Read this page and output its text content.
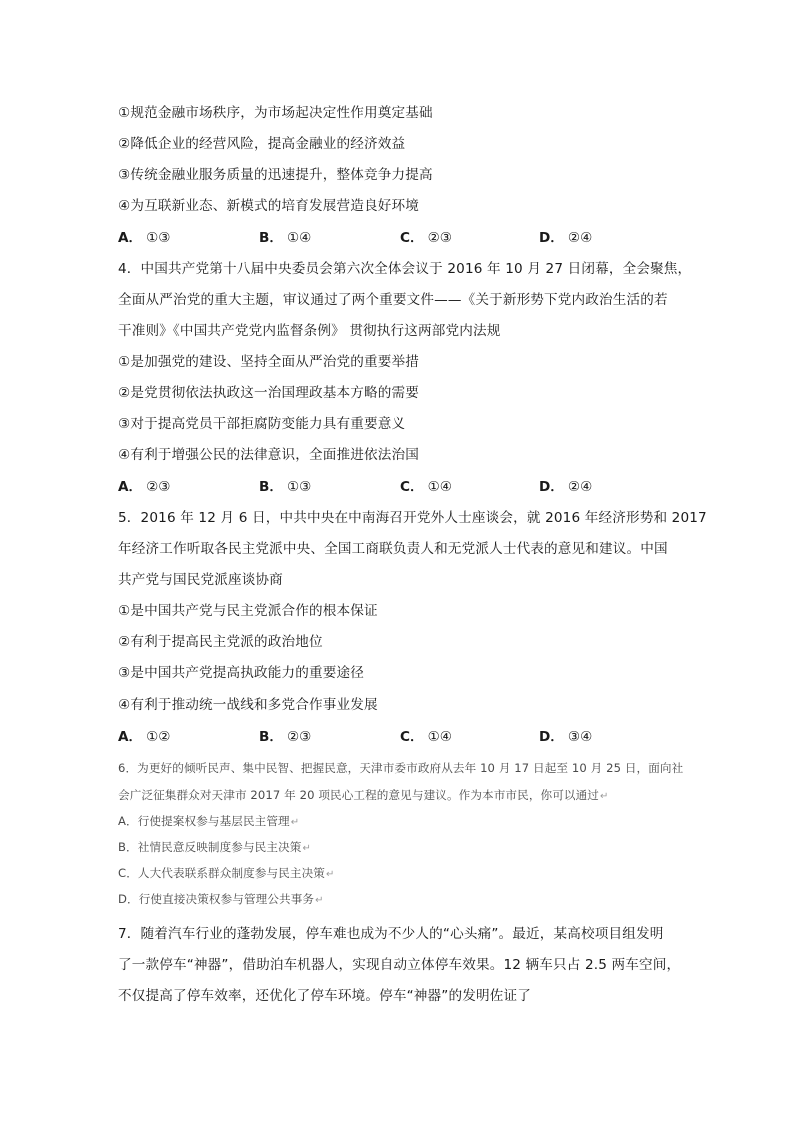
①规范金融市场秩序，为市场起决定性作用奠定基础
②降低企业的经营风险，提高金融业的经济效益
③传统金融业服务质量的迅速提升，整体竞争力提高
④为互联新业态、新模式的培育发展营造良好环境
A． ①③	B． ①④	C． ②③	D． ②④
4．中国共产党第十八届中央委员会第六次全体会议于 2016 年 10 月 27 日闭幕，全会聚焦，
全面从严治党的重大主题，审议通过了两个重要文件——《关于新形势下党内政治生活的若
干准则》《中国共产党党内监督条例》 贯彻执行这两部党内法规
①是加强党的建设、坚持全面从严治党的重要举措
②是党贯彻依法执政这一治国理政基本方略的需要
③对于提高党员干部拒腐防变能力具有重要意义
④有利于增强公民的法律意识，全面推进依法治国
A． ②③	B． ①③	C． ①④	D． ②④
5．2016 年 12 月 6 日，中共中央在中南海召开党外人士座谈会，就 2016 年经济形势和 2017
年经济工作听取各民主党派中央、全国工商联负责人和无党派人士代表的意见和建议。中国
共产党与国民党派座谈协商
①是中国共产党与民主党派合作的根本保证
②有利于提高民主党派的政治地位
③是中国共产党提高执政能力的重要途径
④有利于推动统一战线和多党合作事业发展
A． ①②	B． ②③	C． ①④	D． ③④
6．为更好的倾听民声、集中民智、把握民意，天津市委市政府从去年 10 月 17 日起至 10 月 25 日，面向社
会广泛征集群众对天津市 2017 年 20 项民心工程的意见与建议。作为本市市民，你可以通过↵
A．行使提案权参与基层民主管理↵
B．社情民意反映制度参与民主决策↵
C．人大代表联系群众制度参与民主决策↵
D．行使直接决策权参与管理公共事务↵
7．随着汽车行业的蓬勃发展，停车难也成为不少人的“心头痛”。最近，某高校项目组发明
了一款停车“神器”，借助泊车机器人，实现自动立体停车效果。12 辆车只占 2.5 两车空间，
不仅提高了停车效率，还优化了停车环境。停车“神器”的发明佐证了
